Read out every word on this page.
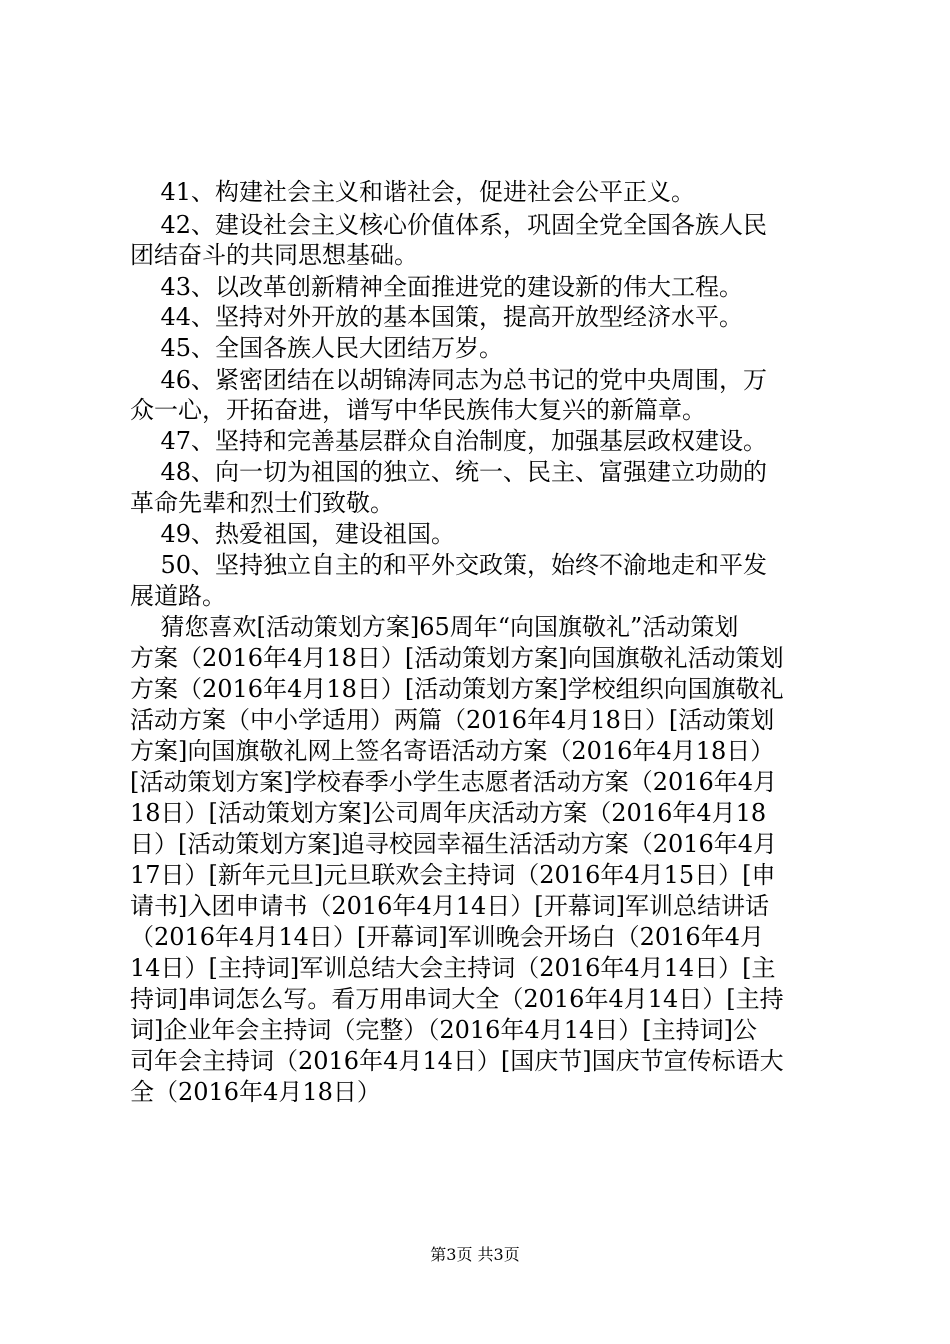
41、构建社会主义和谐社会，促进社会公平正义。
42、建设社会主义核心价值体系，巩固全党全国各族人民
团结奋斗的共同思想基础。
43、以改革创新精神全面推进党的建设新的伟大工程。
44、坚持对外开放的基本国策，提高开放型经济水平。
45、全国各族人民大团结万岁。
46、紧密团结在以胡锦涛同志为总书记的党中央周围，万
众一心，开拓奋进，谱写中华民族伟大复兴的新篇章。
47、坚持和完善基层群众自治制度，加强基层政权建设。
48、向一切为祖国的独立、统一、民主、富强建立功勋的
革命先辈和烈士们致敬。
49、热爱祖国，建设祖国。
50、坚持独立自主的和平外交政策，始终不渝地走和平发
展道路。
猜您喜欢[活动策划方案]65周年“向国旗敬礼”活动策划
方案（2016年4月18日）[活动策划方案]向国旗敬礼活动策划
方案（2016年4月18日）[活动策划方案]学校组织向国旗敬礼
活动方案（中小学适用）两篇（2016年4月18日）[活动策划
方案]向国旗敬礼网上签名寄语活动方案（2016年4月18日）
[活动策划方案]学校春季小学生志愿者活动方案（2016年4月
18日）[活动策划方案]公司周年庆活动方案（2016年4月18
日）[活动策划方案]追寻校园幸福生活活动方案（2016年4月
17日）[新年元旦]元旦联欢会主持词（2016年4月15日）[申
请书]入团申请书（2016年4月14日）[开幕词]军训总结讲话
（2016年4月14日）[开幕词]军训晚会开场白（2016年4月
14日）[主持词]军训总结大会主持词（2016年4月14日）[主
持词]串词怎么写。看万用串词大全（2016年4月14日）[主持
词]企业年会主持词（完整）（2016年4月14日）[主持词]公
司年会主持词（2016年4月14日）[国庆节]国庆节宣传标语大
全（2016年4月18日）
第3页 共3页
